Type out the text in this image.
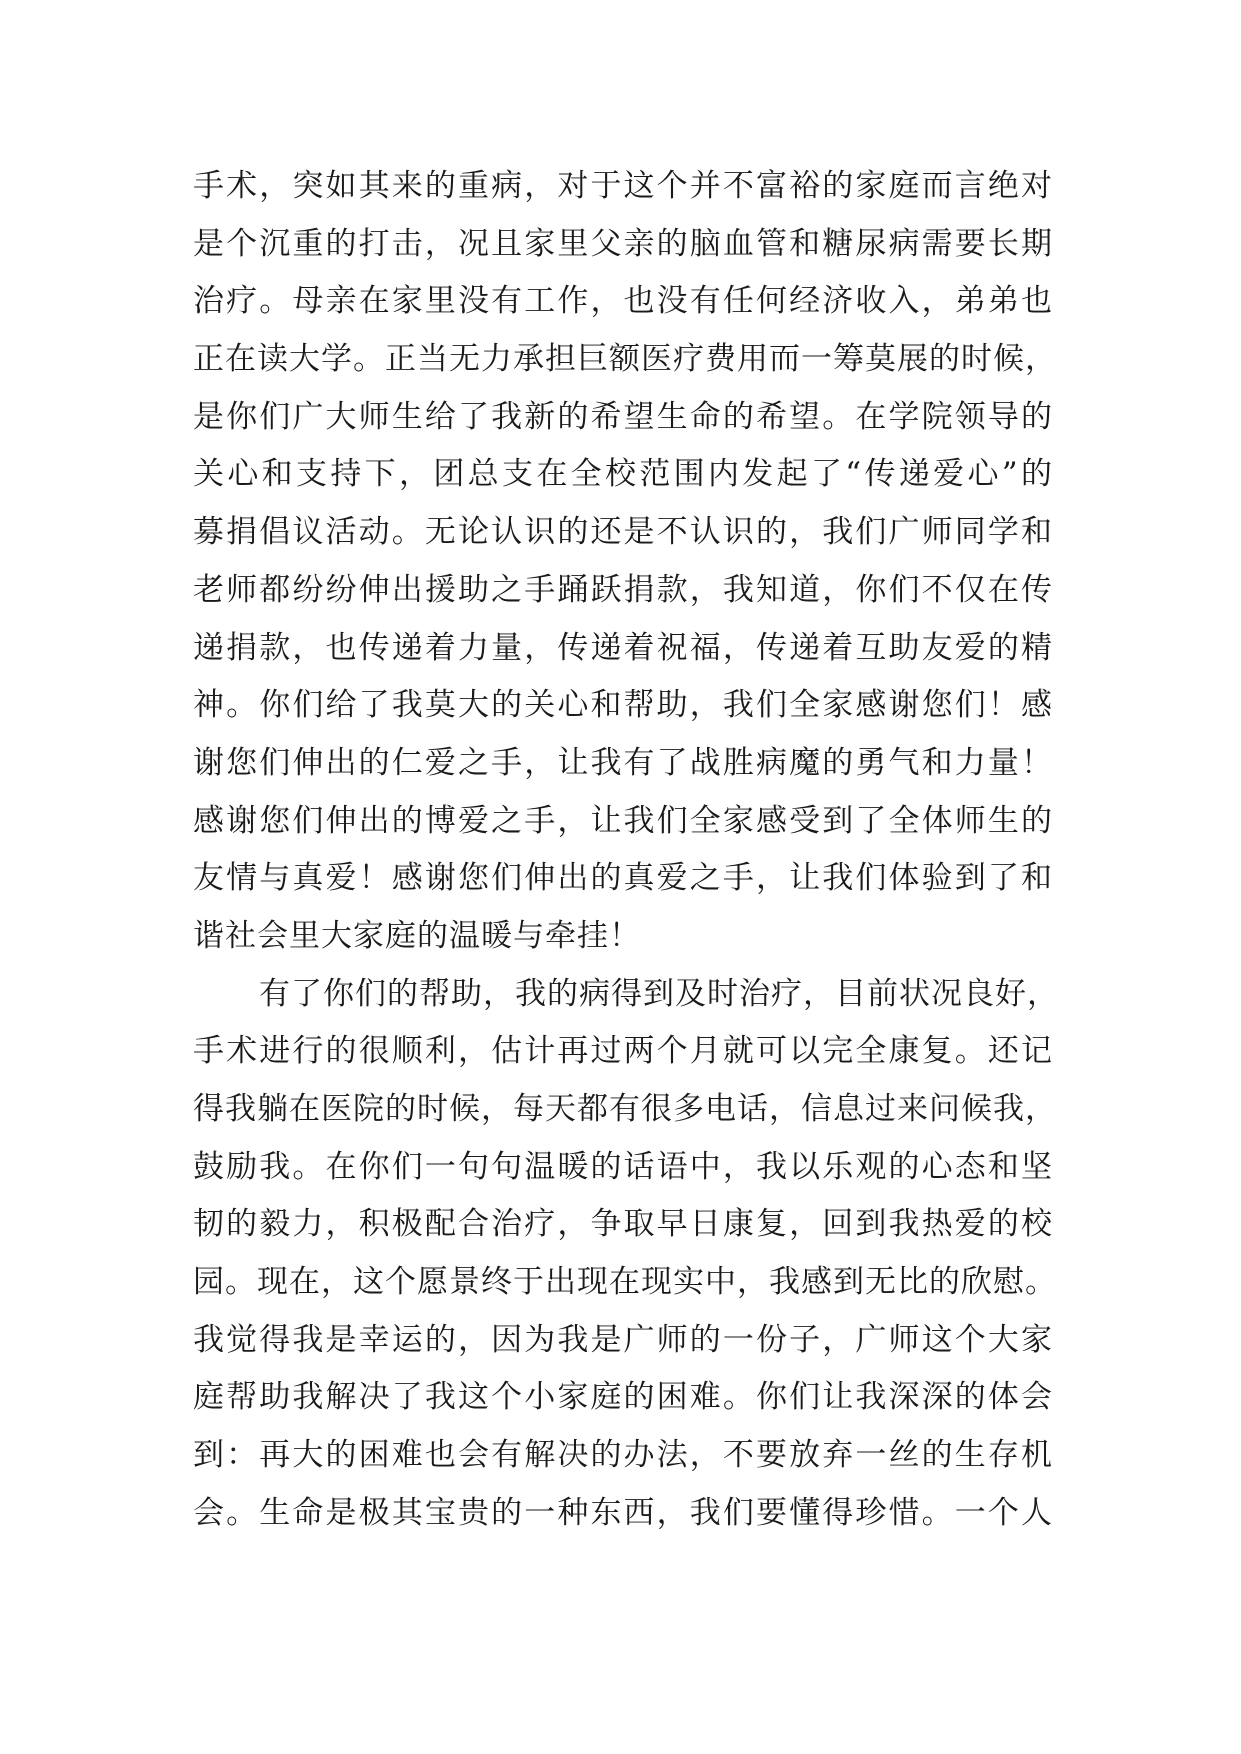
手术，突如其来的重病，对于这个并不富裕的家庭而言绝对
是个沉重的打击，况且家里父亲的脑血管和糖尿病需要长期
治疗。母亲在家里没有工作，也没有任何经济收入，弟弟也
正在读大学。正当无力承担巨额医疗费用而一筹莫展的时候，
是你们广大师生给了我新的希望生命的希望。在学院领导的
关心和支持下，团总支在全校范围内发起了“传递爱心”的
募捐倡议活动。无论认识的还是不认识的，我们广师同学和
老师都纷纷伸出援助之手踊跃捐款，我知道，你们不仅在传
递捐款，也传递着力量，传递着祝福，传递着互助友爱的精
神。你们给了我莫大的关心和帮助，我们全家感谢您们！感
谢您们伸出的仁爱之手，让我有了战胜病魔的勇气和力量！
感谢您们伸出的博爱之手，让我们全家感受到了全体师生的
友情与真爱！感谢您们伸出的真爱之手，让我们体验到了和
谐社会里大家庭的温暖与牵挂！
有了你们的帮助，我的病得到及时治疗，目前状况良好，
手术进行的很顺利，估计再过两个月就可以完全康复。还记
得我躺在医院的时候，每天都有很多电话，信息过来问候我，
鼓励我。在你们一句句温暖的话语中，我以乐观的心态和坚
韧的毅力，积极配合治疗，争取早日康复，回到我热爱的校
园。现在，这个愿景终于出现在现实中，我感到无比的欣慰。
我觉得我是幸运的，因为我是广师的一份子，广师这个大家
庭帮助我解决了我这个小家庭的困难。你们让我深深的体会
到：再大的困难也会有解决的办法，不要放弃一丝的生存机
会。生命是极其宝贵的一种东西，我们要懂得珍惜。一个人
